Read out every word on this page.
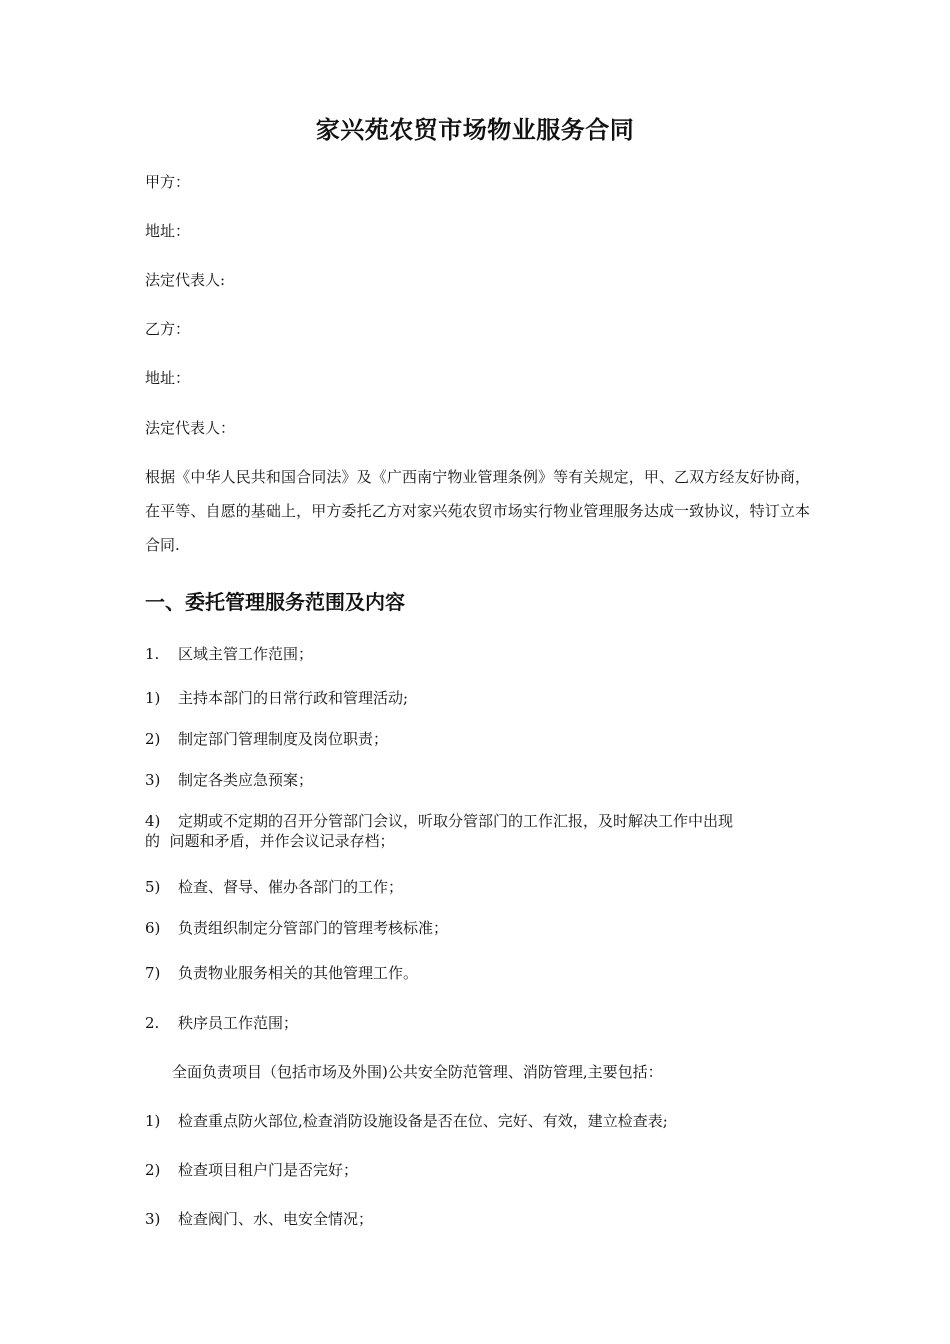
家兴苑农贸市场物业服务合同
甲方：
地址：
法定代表人:
乙方：
地址：
法定代表人：
根据《中华人民共和国合同法》及《广西南宁物业管理条例》等有关规定，甲、乙双方经友好协商，在平等、自愿的基础上，甲方委托乙方对家兴苑农贸市场实行物业管理服务达成一致协议，特订立本合同.
一、委托管理服务范围及内容
1. 区域主管工作范围；
1) 主持本部门的日常行政和管理活动;
2) 制定部门管理制度及岗位职责；
3) 制定各类应急预案；
4) 定期或不定期的召开分管部门会议，听取分管部门的工作汇报，及时解决工作中出现
的  问题和矛盾，并作会议记录存档；
5) 检查、督导、催办各部门的工作；
6) 负责组织制定分管部门的管理考核标准；
7) 负责物业服务相关的其他管理工作。
2. 秩序员工作范围；
全面负责项目（包括市场及外围)公共安全防范管理、消防管理,主要包括：
1) 检查重点防火部位,检查消防设施设备是否在位、完好、有效，建立检查表;
2) 检查项目租户门是否完好；
3) 检查阀门、水、电安全情况；
